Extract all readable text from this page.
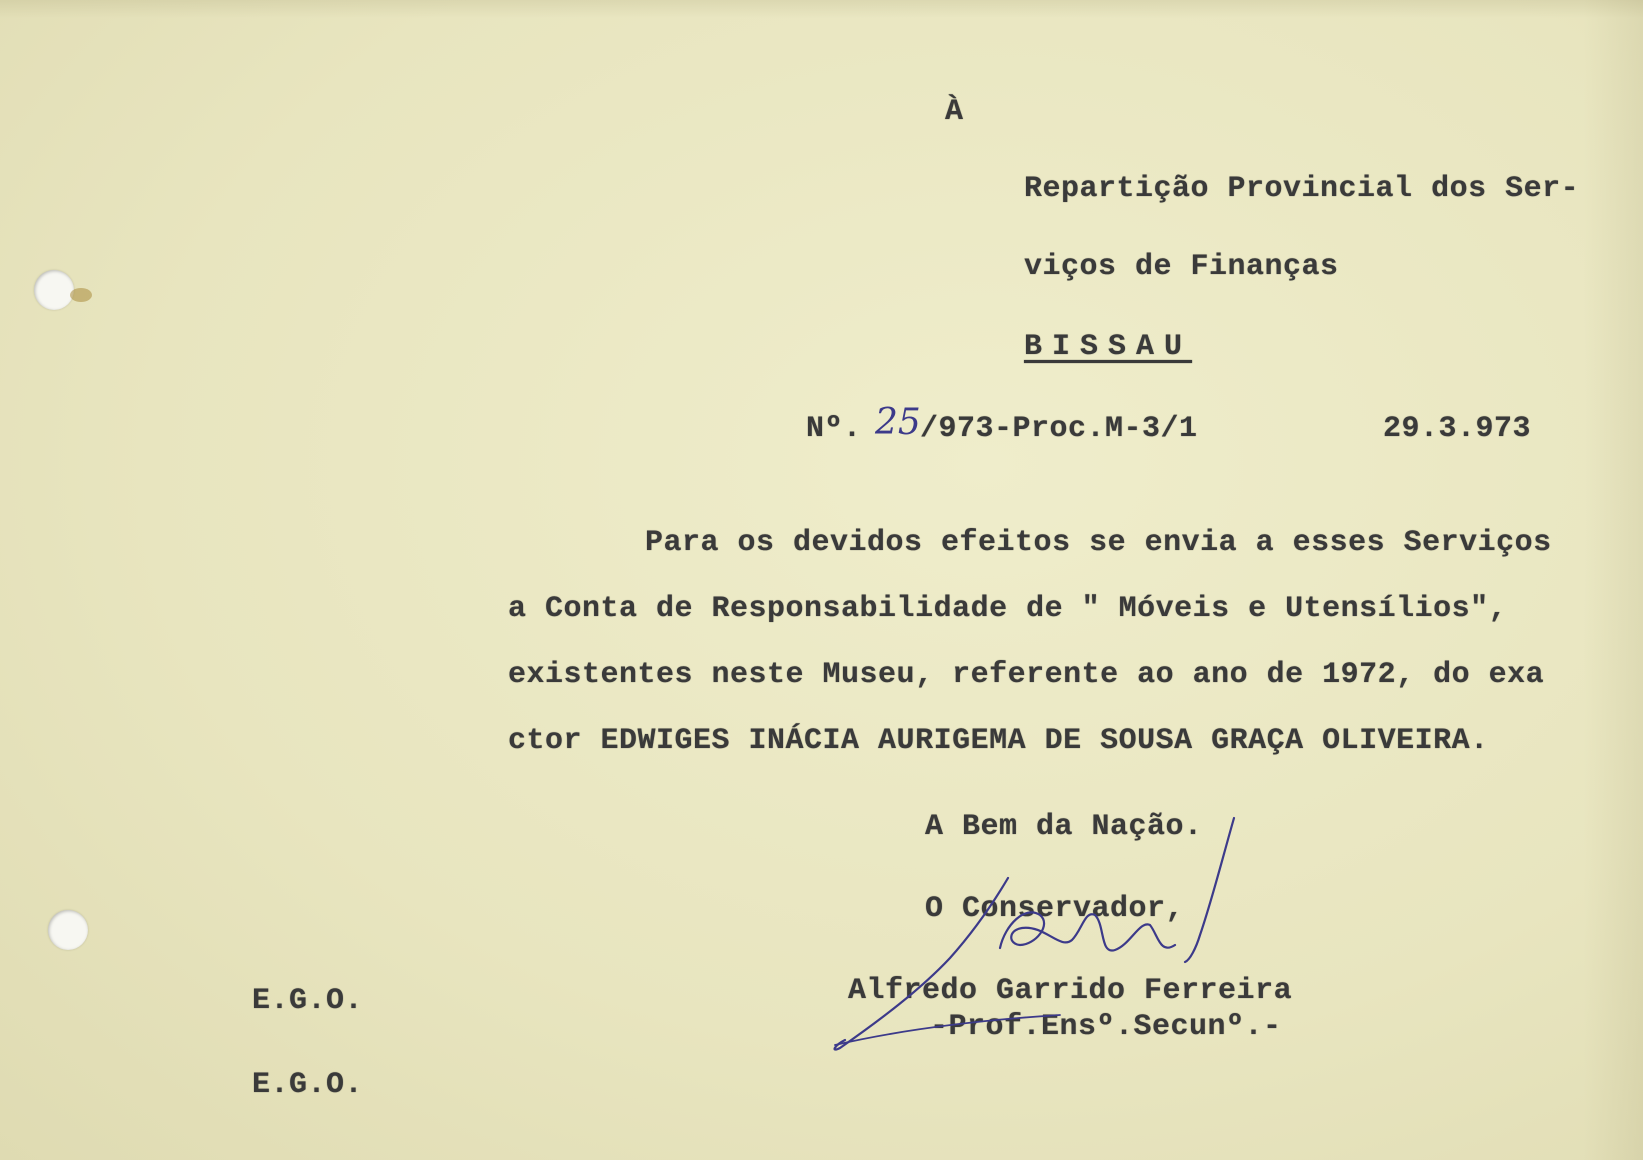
À
Repartição Provincial dos Ser-
viços de Finanças
BISSAU
Nº. 25 /973-Proc.M-3/1	29.3.973
Para os devidos efeitos se envia a esses Serviços
a Conta de Responsabilidade de " Móveis e Utensílios",
existentes neste Museu, referente ao ano de 1972, do exa
ctor EDWIGES INÁCIA AURIGEMA DE SOUSA GRAÇA OLIVEIRA.
A Bem da Nação.
O Conservador,
Alfredo Garrido Ferreira
-Prof.Ensº.Secunº.-
E.G.O.
E.G.O.
